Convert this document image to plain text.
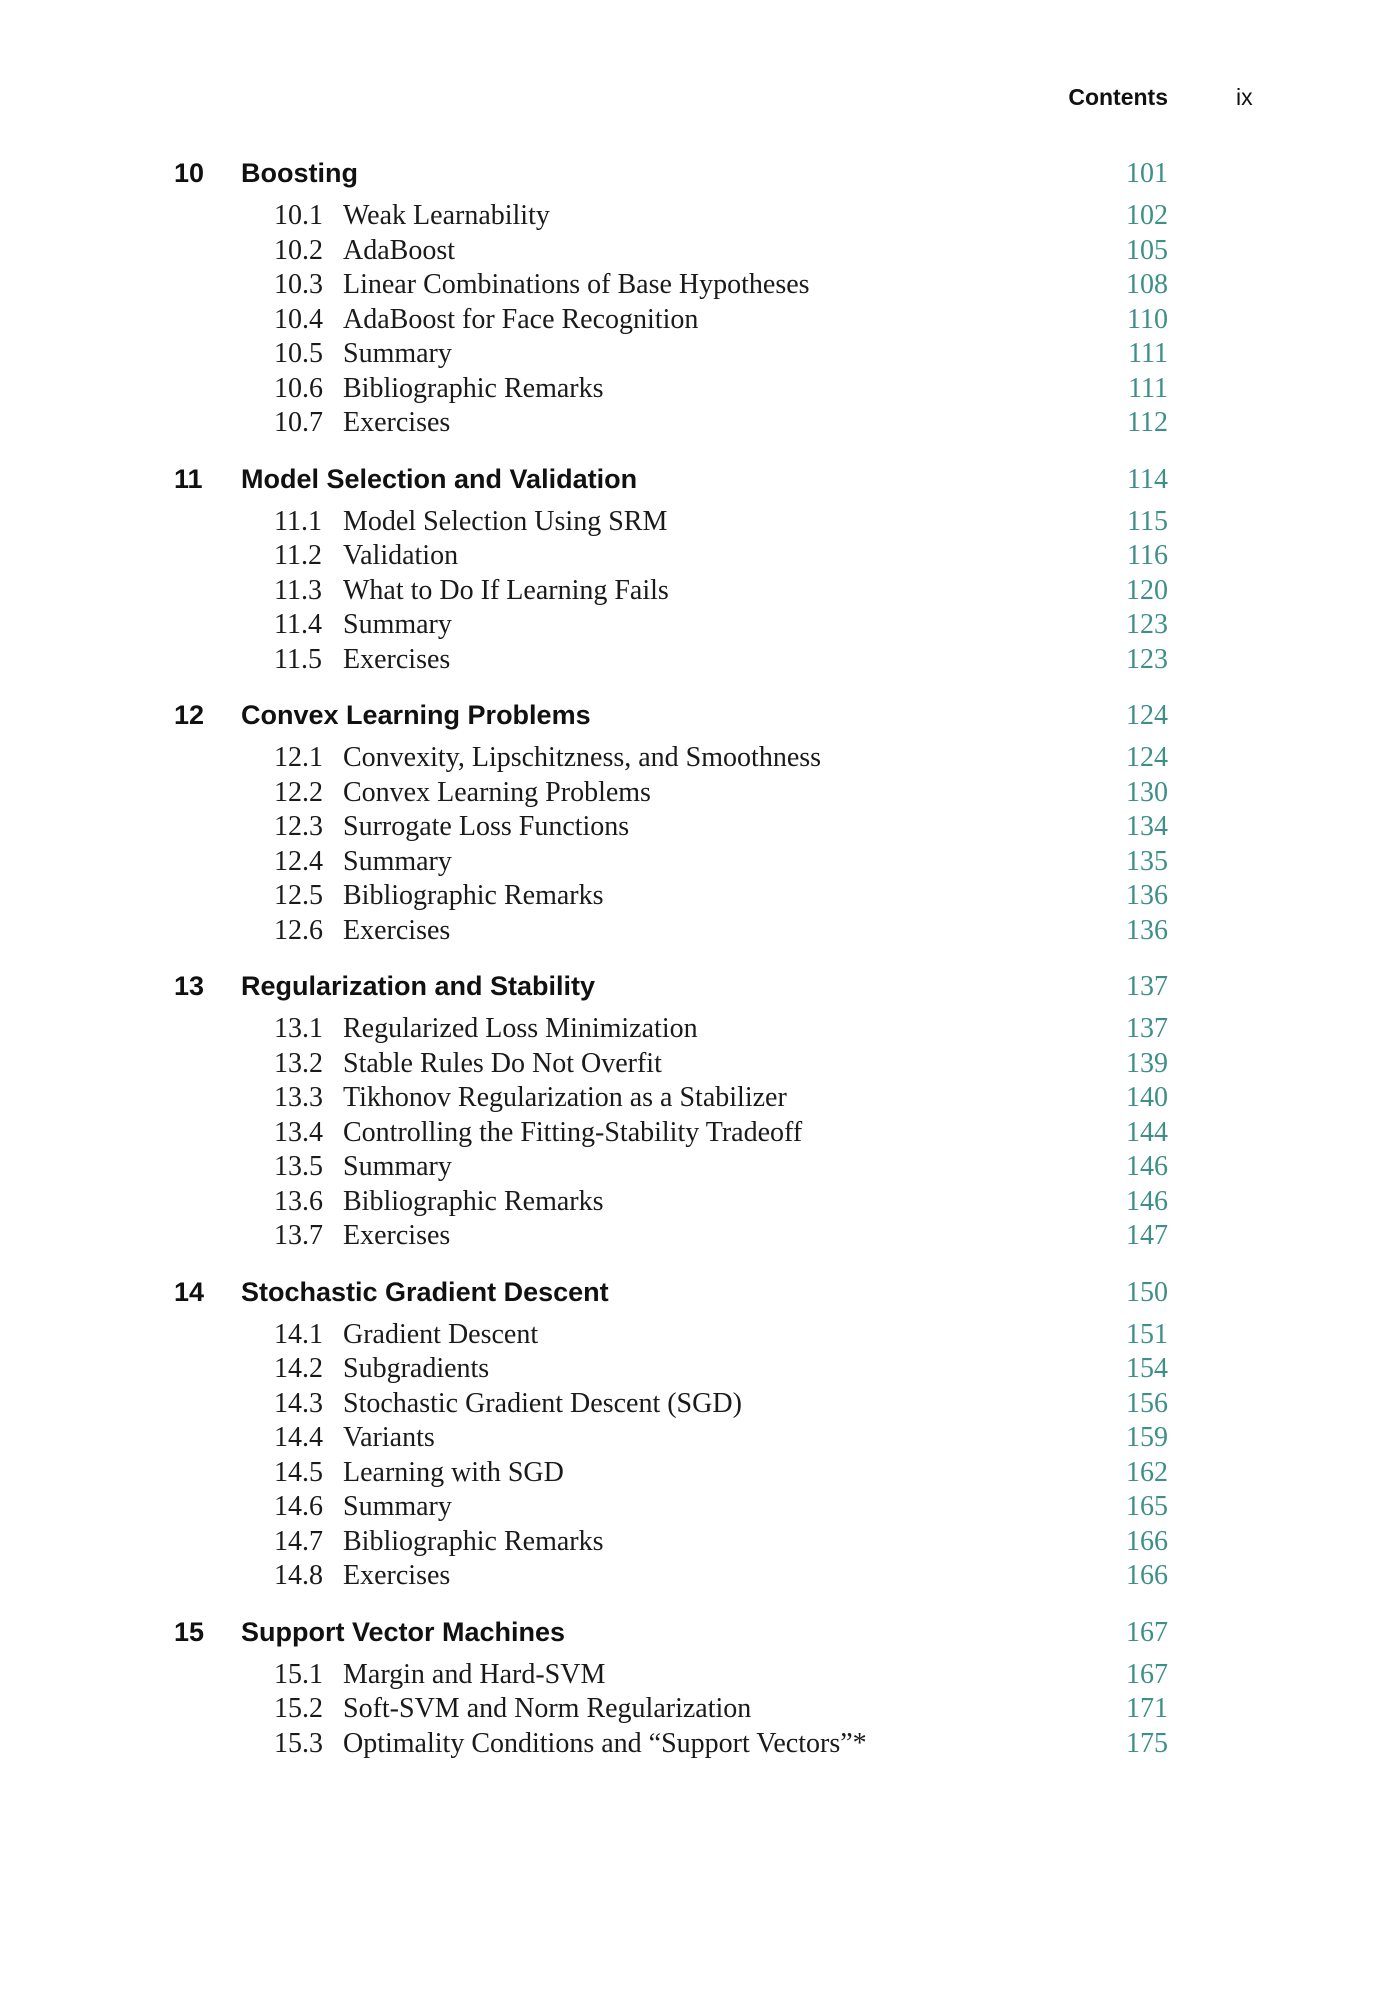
Contents	ix
10 Boosting	101
10.1 Weak Learnability	102
10.2 AdaBoost	105
10.3 Linear Combinations of Base Hypotheses	108
10.4 AdaBoost for Face Recognition	110
10.5 Summary	111
10.6 Bibliographic Remarks	111
10.7 Exercises	112
11 Model Selection and Validation	114
11.1 Model Selection Using SRM	115
11.2 Validation	116
11.3 What to Do If Learning Fails	120
11.4 Summary	123
11.5 Exercises	123
12 Convex Learning Problems	124
12.1 Convexity, Lipschitzness, and Smoothness	124
12.2 Convex Learning Problems	130
12.3 Surrogate Loss Functions	134
12.4 Summary	135
12.5 Bibliographic Remarks	136
12.6 Exercises	136
13 Regularization and Stability	137
13.1 Regularized Loss Minimization	137
13.2 Stable Rules Do Not Overfit	139
13.3 Tikhonov Regularization as a Stabilizer	140
13.4 Controlling the Fitting-Stability Tradeoff	144
13.5 Summary	146
13.6 Bibliographic Remarks	146
13.7 Exercises	147
14 Stochastic Gradient Descent	150
14.1 Gradient Descent	151
14.2 Subgradients	154
14.3 Stochastic Gradient Descent (SGD)	156
14.4 Variants	159
14.5 Learning with SGD	162
14.6 Summary	165
14.7 Bibliographic Remarks	166
14.8 Exercises	166
15 Support Vector Machines	167
15.1 Margin and Hard-SVM	167
15.2 Soft-SVM and Norm Regularization	171
15.3 Optimality Conditions and “Support Vectors”*	175
